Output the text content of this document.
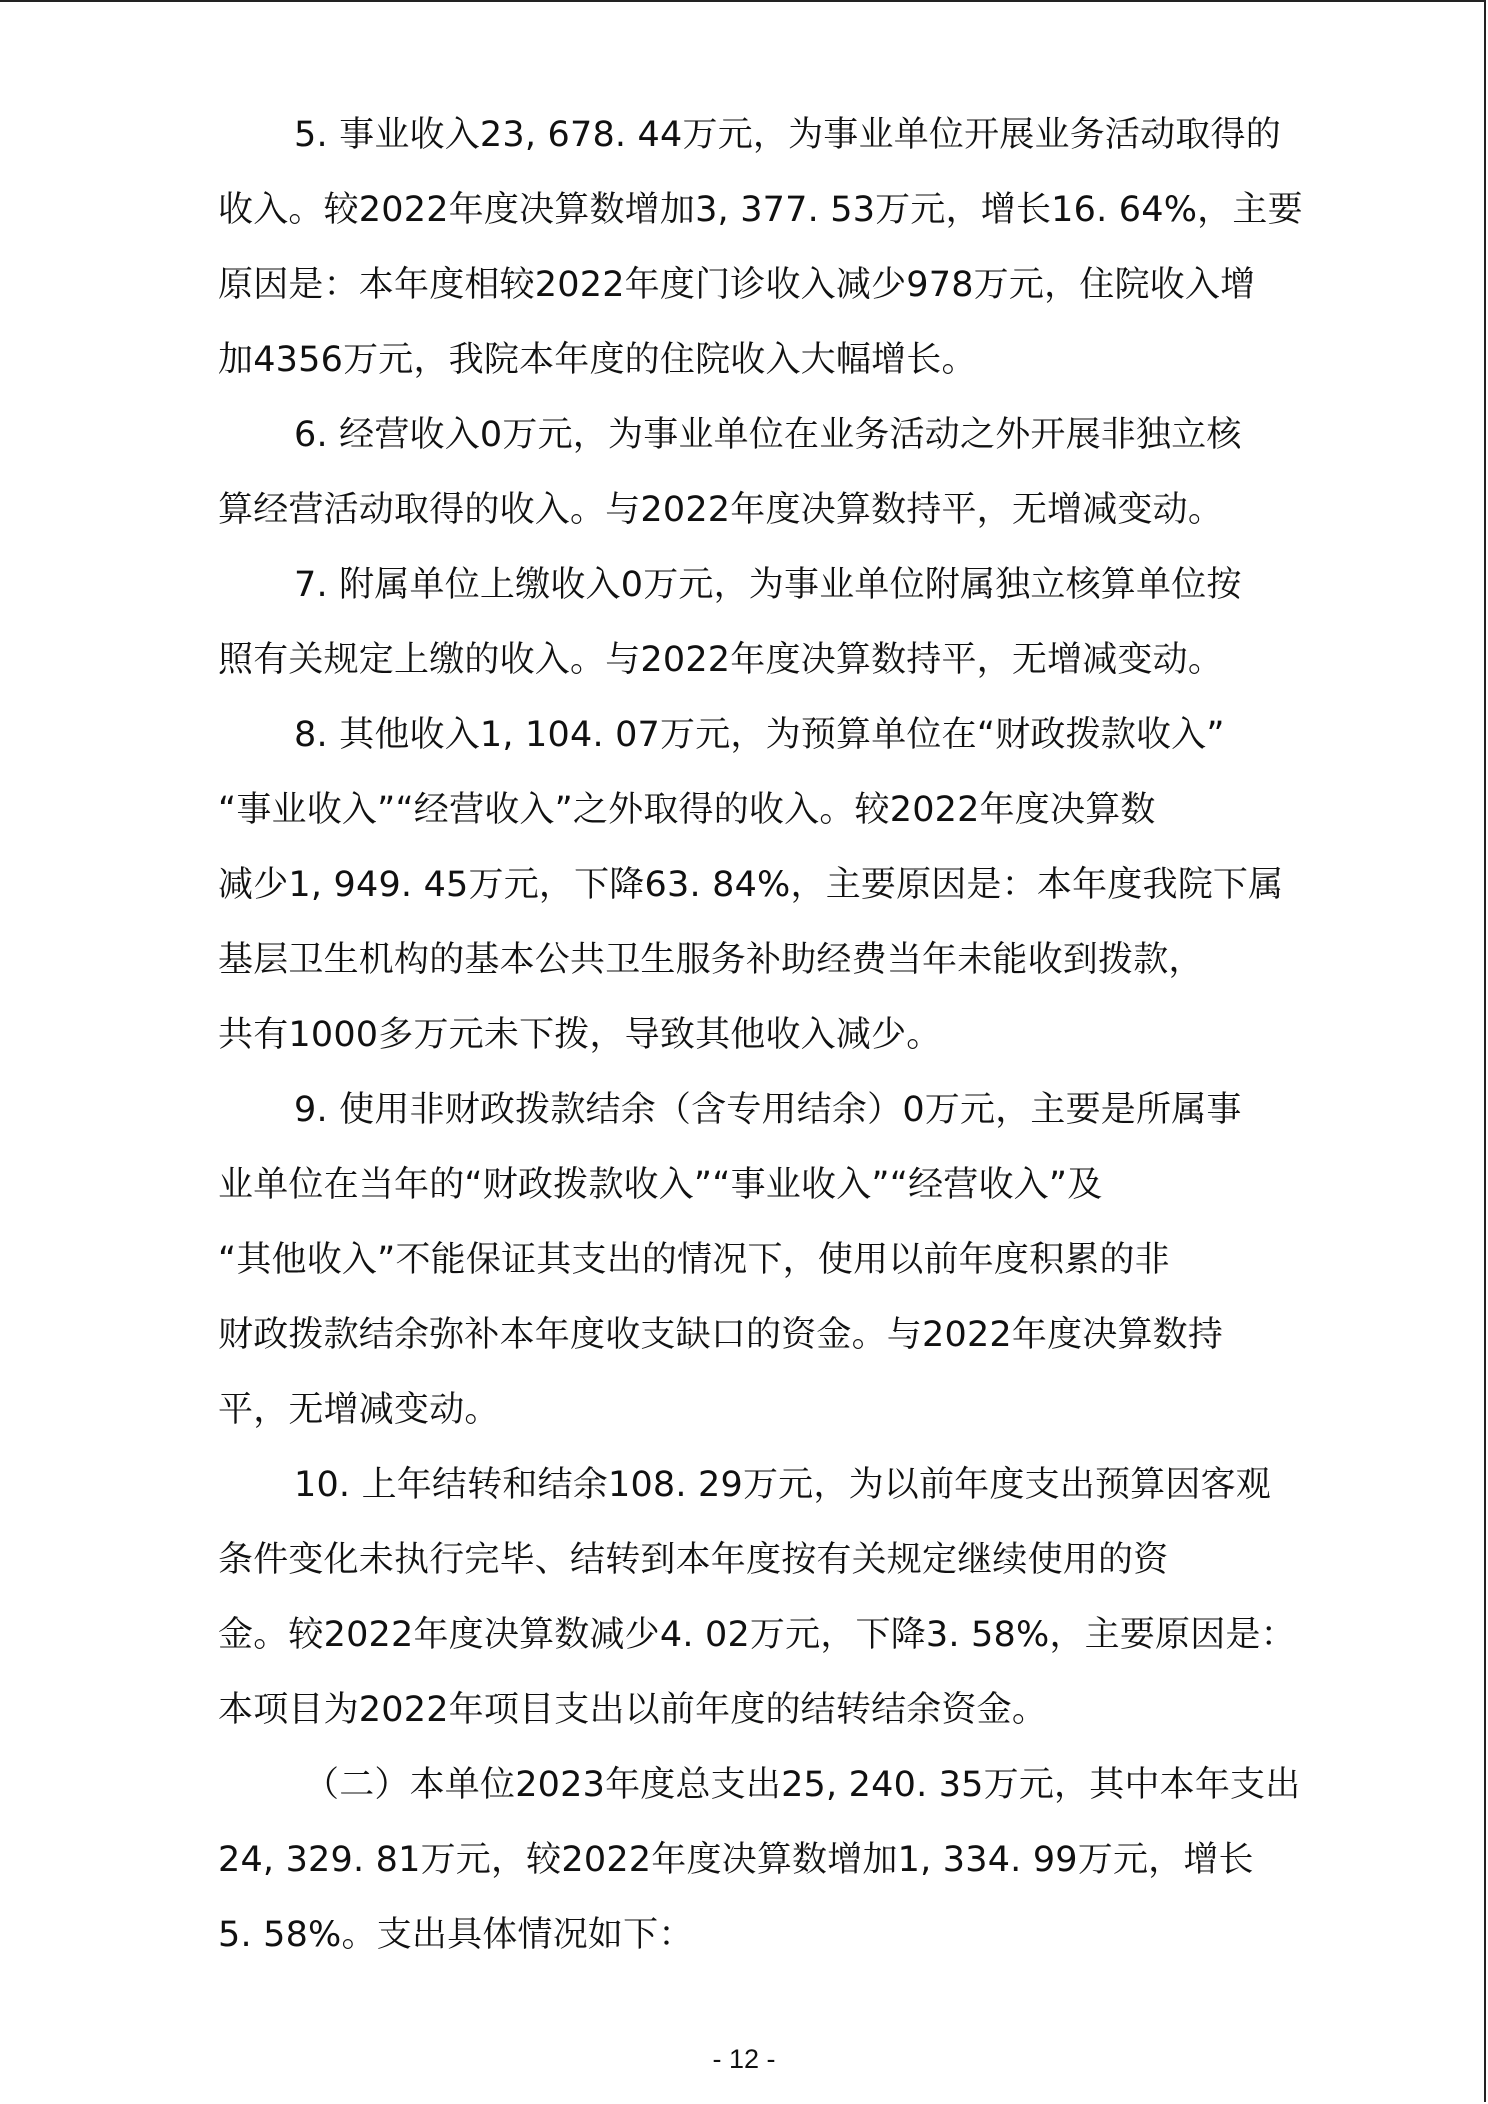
5. 事业收入23, 678. 44万元，为事业单位开展业务活动取得的
收入。较2022年度决算数增加3, 377. 53万元，增长16. 64%，主要
原因是：本年度相较2022年度门诊收入减少978万元，住院收入增
加4356万元，我院本年度的住院收入大幅增长。

6. 经营收入0万元，为事业单位在业务活动之外开展非独立核
算经营活动取得的收入。与2022年度决算数持平，无增减变动。

7. 附属单位上缴收入0万元，为事业单位附属独立核算单位按
照有关规定上缴的收入。与2022年度决算数持平，无增减变动。

8. 其他收入1, 104. 07万元，为预算单位在“财政拨款收入”
“事业收入”“经营收入”之外取得的收入。较2022年度决算数
减少1, 949. 45万元，下降63. 84%，主要原因是：本年度我院下属
基层卫生机构的基本公共卫生服务补助经费当年未能收到拨款，
共有1000多万元未下拨，导致其他收入减少。

9. 使用非财政拨款结余（含专用结余）0万元，主要是所属事
业单位在当年的“财政拨款收入”“事业收入”“经营收入”及
“其他收入”不能保证其支出的情况下，使用以前年度积累的非
财政拨款结余弥补本年度收支缺口的资金。与2022年度决算数持
平，无增减变动。

10. 上年结转和结余108. 29万元，为以前年度支出预算因客观
条件变化未执行完毕、结转到本年度按有关规定继续使用的资
金。较2022年度决算数减少4. 02万元，下降3. 58%，主要原因是：
本项目为2022年项目支出以前年度的结转结余资金。

（二）本单位2023年度总支出25, 240. 35万元，其中本年支出
24, 329. 81万元，较2022年度决算数增加1, 334. 99万元，增长
5. 58%。支出具体情况如下：

- 12 -
